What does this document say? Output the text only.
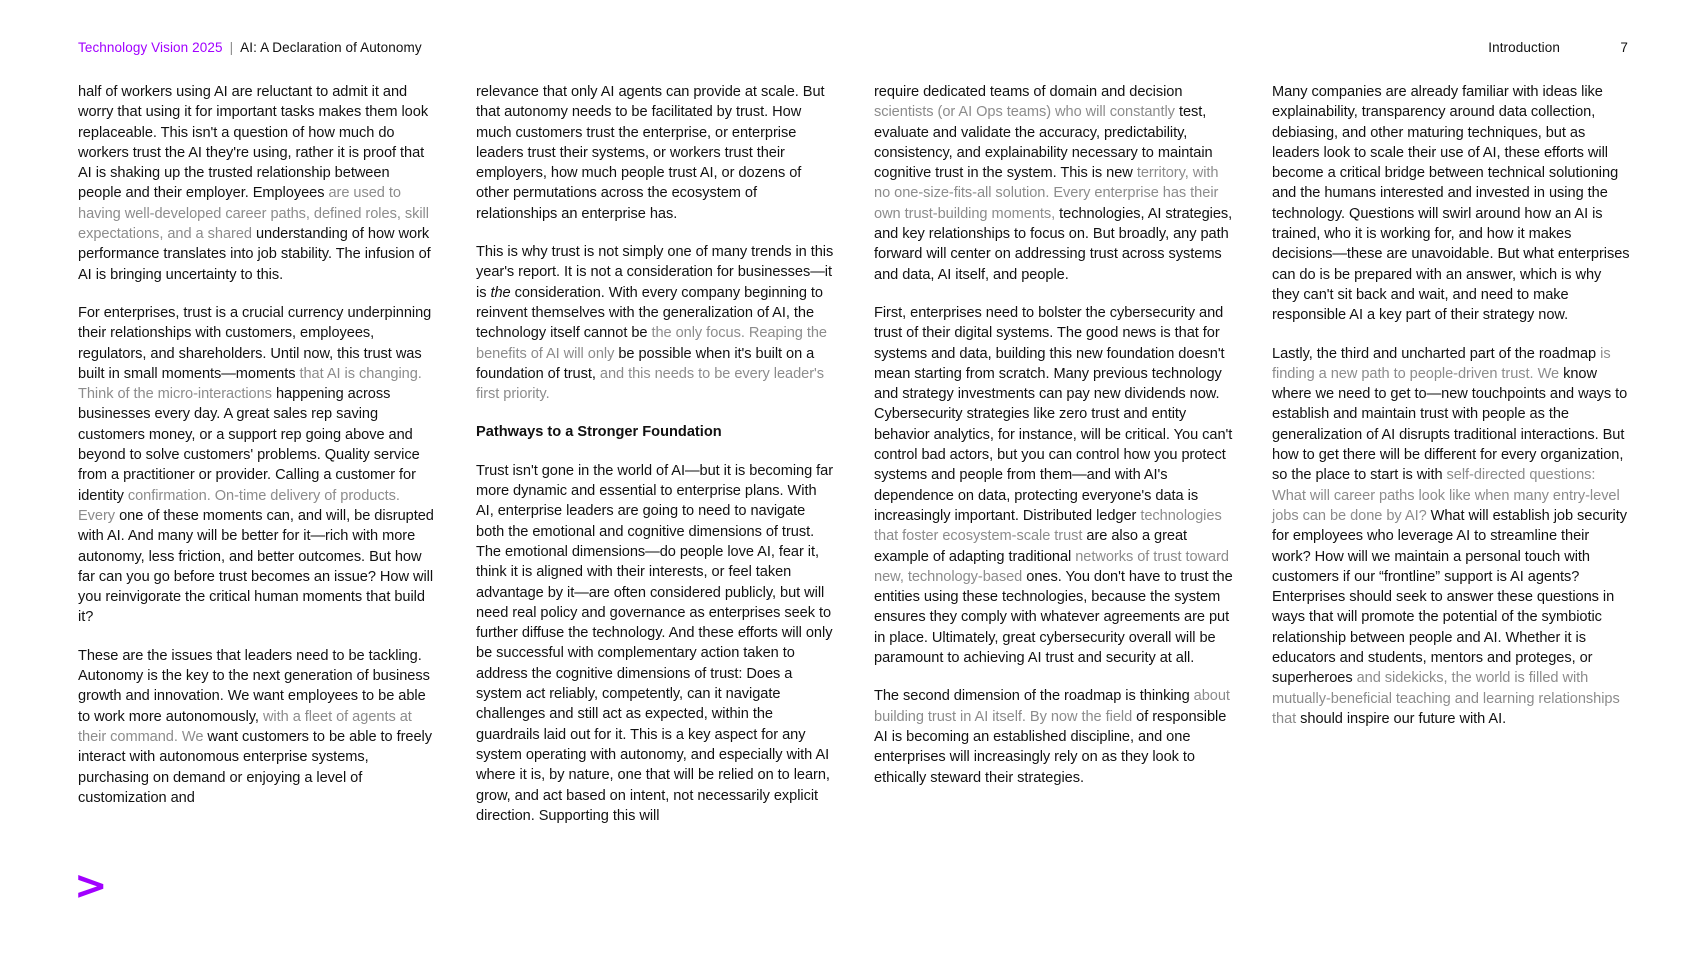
Technology Vision 2025 | AI: A Declaration of Autonomy	Introduction	7

half of workers using AI are reluctant to admit it and worry that using it for important tasks makes them look replaceable. This isn't a question of how much do workers trust the AI they're using, rather it is proof that AI is shaking up the trusted relationship between people and their employer. Employees are used to having well-developed career paths, defined roles, skill expectations, and a shared understanding of how work performance translates into job stability. The infusion of AI is bringing uncertainty to this.

For enterprises, trust is a crucial currency underpinning their relationships with customers, employees, regulators, and shareholders. Until now, this trust was built in small moments—moments that AI is changing. Think of the micro-interactions happening across businesses every day. A great sales rep saving customers money, or a support rep going above and beyond to solve customers' problems. Quality service from a practitioner or provider. Calling a customer for identity confirmation. On-time delivery of products. Every one of these moments can, and will, be disrupted with AI. And many will be better for it—rich with more autonomy, less friction, and better outcomes. But how far can you go before trust becomes an issue? How will you reinvigorate the critical human moments that build it?

These are the issues that leaders need to be tackling. Autonomy is the key to the next generation of business growth and innovation. We want employees to be able to work more autonomously, with a fleet of agents at their command. We want customers to be able to freely interact with autonomous enterprise systems, purchasing on demand or enjoying a level of customization and

relevance that only AI agents can provide at scale. But that autonomy needs to be facilitated by trust. How much customers trust the enterprise, or enterprise leaders trust their systems, or workers trust their employers, how much people trust AI, or dozens of other permutations across the ecosystem of relationships an enterprise has.

This is why trust is not simply one of many trends in this year's report. It is not a consideration for businesses—it is the consideration. With every company beginning to reinvent themselves with the generalization of AI, the technology itself cannot be the only focus. Reaping the benefits of AI will only be possible when it's built on a foundation of trust, and this needs to be every leader's first priority.

Pathways to a Stronger Foundation

Trust isn't gone in the world of AI—but it is becoming far more dynamic and essential to enterprise plans. With AI, enterprise leaders are going to need to navigate both the emotional and cognitive dimensions of trust. The emotional dimensions—do people love AI, fear it, think it is aligned with their interests, or feel taken advantage by it—are often considered publicly, but will need real policy and governance as enterprises seek to further diffuse the technology. And these efforts will only be successful with complementary action taken to address the cognitive dimensions of trust: Does a system act reliably, competently, can it navigate challenges and still act as expected, within the guardrails laid out for it. This is a key aspect for any system operating with autonomy, and especially with AI where it is, by nature, one that will be relied on to learn, grow, and act based on intent, not necessarily explicit direction. Supporting this will

require dedicated teams of domain and decision scientists (or AI Ops teams) who will constantly test, evaluate and validate the accuracy, predictability, consistency, and explainability necessary to maintain cognitive trust in the system. This is new territory, with no one-size-fits-all solution. Every enterprise has their own trust-building moments, technologies, AI strategies, and key relationships to focus on. But broadly, any path forward will center on addressing trust across systems and data, AI itself, and people.

First, enterprises need to bolster the cybersecurity and trust of their digital systems. The good news is that for systems and data, building this new foundation doesn't mean starting from scratch. Many previous technology and strategy investments can pay new dividends now. Cybersecurity strategies like zero trust and entity behavior analytics, for instance, will be critical. You can't control bad actors, but you can control how you protect systems and people from them—and with AI's dependence on data, protecting everyone's data is increasingly important. Distributed ledger technologies that foster ecosystem-scale trust are also a great example of adapting traditional networks of trust toward new, technology-based ones. You don't have to trust the entities using these technologies, because the system ensures they comply with whatever agreements are put in place. Ultimately, great cybersecurity overall will be paramount to achieving AI trust and security at all.

The second dimension of the roadmap is thinking about building trust in AI itself. By now the field of responsible AI is becoming an established discipline, and one enterprises will increasingly rely on as they look to ethically steward their strategies.

Many companies are already familiar with ideas like explainability, transparency around data collection, debiasing, and other maturing techniques, but as leaders look to scale their use of AI, these efforts will become a critical bridge between technical solutioning and the humans interested and invested in using the technology. Questions will swirl around how an AI is trained, who it is working for, and how it makes decisions—these are unavoidable. But what enterprises can do is be prepared with an answer, which is why they can't sit back and wait, and need to make responsible AI a key part of their strategy now.

Lastly, the third and uncharted part of the roadmap is finding a new path to people-driven trust. We know where we need to get to—new touchpoints and ways to establish and maintain trust with people as the generalization of AI disrupts traditional interactions. But how to get there will be different for every organization, so the place to start is with self-directed questions: What will career paths look like when many entry-level jobs can be done by AI? What will establish job security for employees who leverage AI to streamline their work? How will we maintain a personal touch with customers if our “frontline” support is AI agents? Enterprises should seek to answer these questions in ways that will promote the potential of the symbiotic relationship between people and AI. Whether it is educators and students, mentors and proteges, or superheroes and sidekicks, the world is filled with mutually-beneficial teaching and learning relationships that should inspire our future with AI.

>
